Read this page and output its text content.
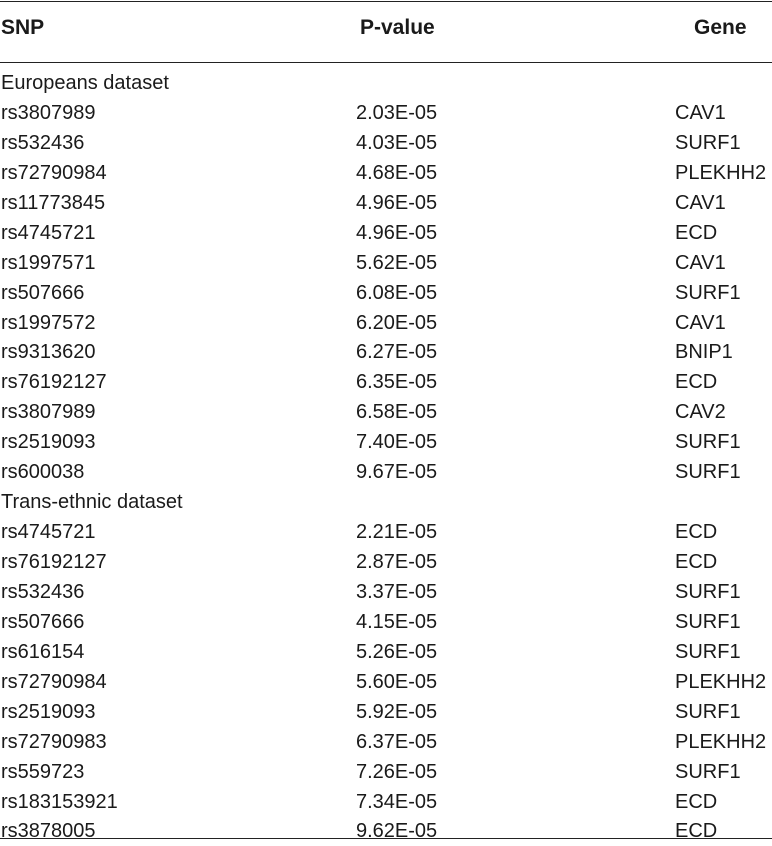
SNP	P-value	Gene
Europeans dataset
rs3807989	2.03E-05	CAV1
rs532436	4.03E-05	SURF1
rs72790984	4.68E-05	PLEKHH2
rs11773845	4.96E-05	CAV1
rs4745721	4.96E-05	ECD
rs1997571	5.62E-05	CAV1
rs507666	6.08E-05	SURF1
rs1997572	6.20E-05	CAV1
rs9313620	6.27E-05	BNIP1
rs76192127	6.35E-05	ECD
rs3807989	6.58E-05	CAV2
rs2519093	7.40E-05	SURF1
rs600038	9.67E-05	SURF1
Trans-ethnic dataset
rs4745721	2.21E-05	ECD
rs76192127	2.87E-05	ECD
rs532436	3.37E-05	SURF1
rs507666	4.15E-05	SURF1
rs616154	5.26E-05	SURF1
rs72790984	5.60E-05	PLEKHH2
rs2519093	5.92E-05	SURF1
rs72790983	6.37E-05	PLEKHH2
rs559723	7.26E-05	SURF1
rs183153921	7.34E-05	ECD
rs3878005	9.62E-05	ECD
